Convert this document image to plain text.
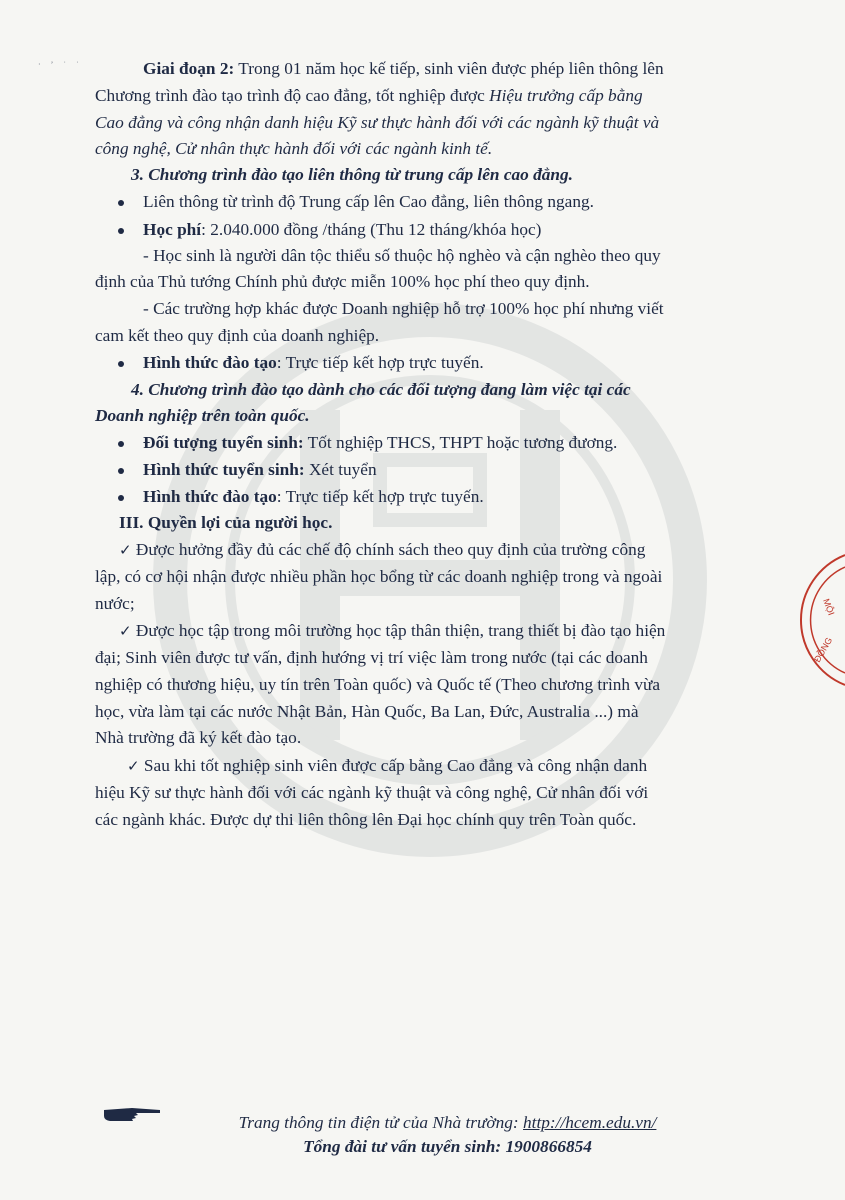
MỘI
ĐỒNG
· ʼ ˙ ˙	Giai đoạn 2: Trong 01 năm học kế tiếp, sinh viên được phép liên thông lên
Chương trình đào tạo trình độ cao đẳng, tốt nghiệp được Hiệu trưởng cấp bằng
Cao đẳng và công nhận danh hiệu Kỹ sư thực hành đối với các ngành kỹ thuật và
công nghệ, Cử nhân thực hành đối với các ngành kinh tế.
3. Chương trình đào tạo liên thông từ trung cấp lên cao đẳng.
Liên thông từ trình độ Trung cấp lên Cao đẳng, liên thông ngang.
Học phí: 2.040.000 đồng /tháng (Thu 12 tháng/khóa học)
- Học sinh là người dân tộc thiểu số thuộc hộ nghèo và cận nghèo theo quy
định của Thủ tướng Chính phủ được miễn 100% học phí theo quy định.
- Các trường hợp khác được Doanh nghiệp hỗ trợ 100% học phí nhưng viết
cam kết theo quy định của doanh nghiệp.
Hình thức đào tạo: Trực tiếp kết hợp trực tuyến.
4. Chương trình đào tạo dành cho các đối tượng đang làm việc tại các
Doanh nghiệp trên toàn quốc.
Đối tượng tuyển sinh: Tốt nghiệp THCS, THPT hoặc tương đương.
Hình thức tuyển sinh: Xét tuyển
Hình thức đào tạo: Trực tiếp kết hợp trực tuyến.
III. Quyền lợi của người học.
✓ Được hưởng đầy đủ các chế độ chính sách theo quy định của trường công
lập, có cơ hội nhận được nhiều phần học bổng từ các doanh nghiệp trong và ngoài
nước;
✓ Được học tập trong môi trường học tập thân thiện, trang thiết bị đào tạo hiện
đại; Sinh viên được tư vấn, định hướng vị trí việc làm trong nước (tại các doanh
nghiệp có thương hiệu, uy tín trên Toàn quốc) và Quốc tế (Theo chương trình vừa
học, vừa làm tại các nước Nhật Bản, Hàn Quốc, Ba Lan, Đức, Australia ...) mà
Nhà trường đã ký kết đào tạo.
✓ Sau khi tốt nghiệp sinh viên được cấp bằng Cao đẳng và công nhận danh
hiệu Kỹ sư thực hành đối với các ngành kỹ thuật và công nghệ, Cử nhân đối với
các ngành khác. Được dự thi liên thông lên Đại học chính quy trên Toàn quốc.
Trang thông tin điện tử của Nhà trường: http://hcem.edu.vn/
Tổng đài tư vấn tuyển sinh: 1900866854
